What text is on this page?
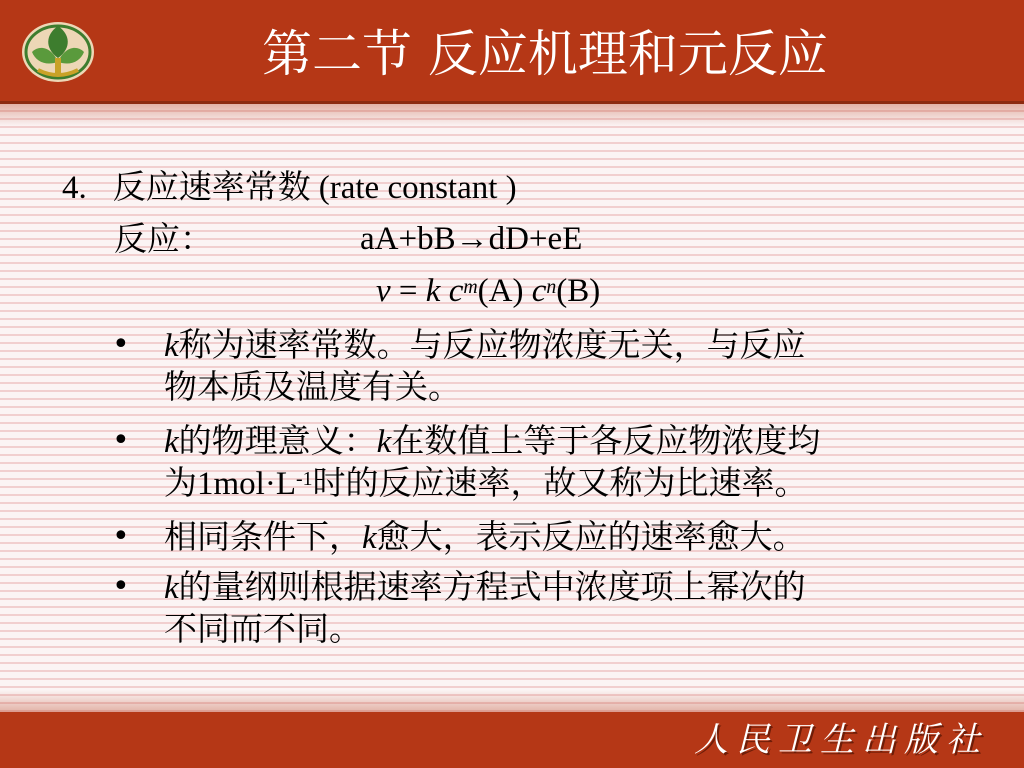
第二节 反应机理和元反应
4. 反应速率常数 (rate constant )
反应：	aA+bB→dD+eE
v = k $c^m(A)$ $c^n(B)$
• k称为速率常数。与反应物浓度无关，与反应
物本质及温度有关。
• k的物理意义：k在数值上等于各反应物浓度均
为$1mol\cdot L^{-1}$时的反应速率，故又称为比速率。
• 相同条件下，k愈大，表示反应的速率愈大。
• k的量纲则根据速率方程式中浓度项上幂次的
不同而不同。
人民卫生出版社
